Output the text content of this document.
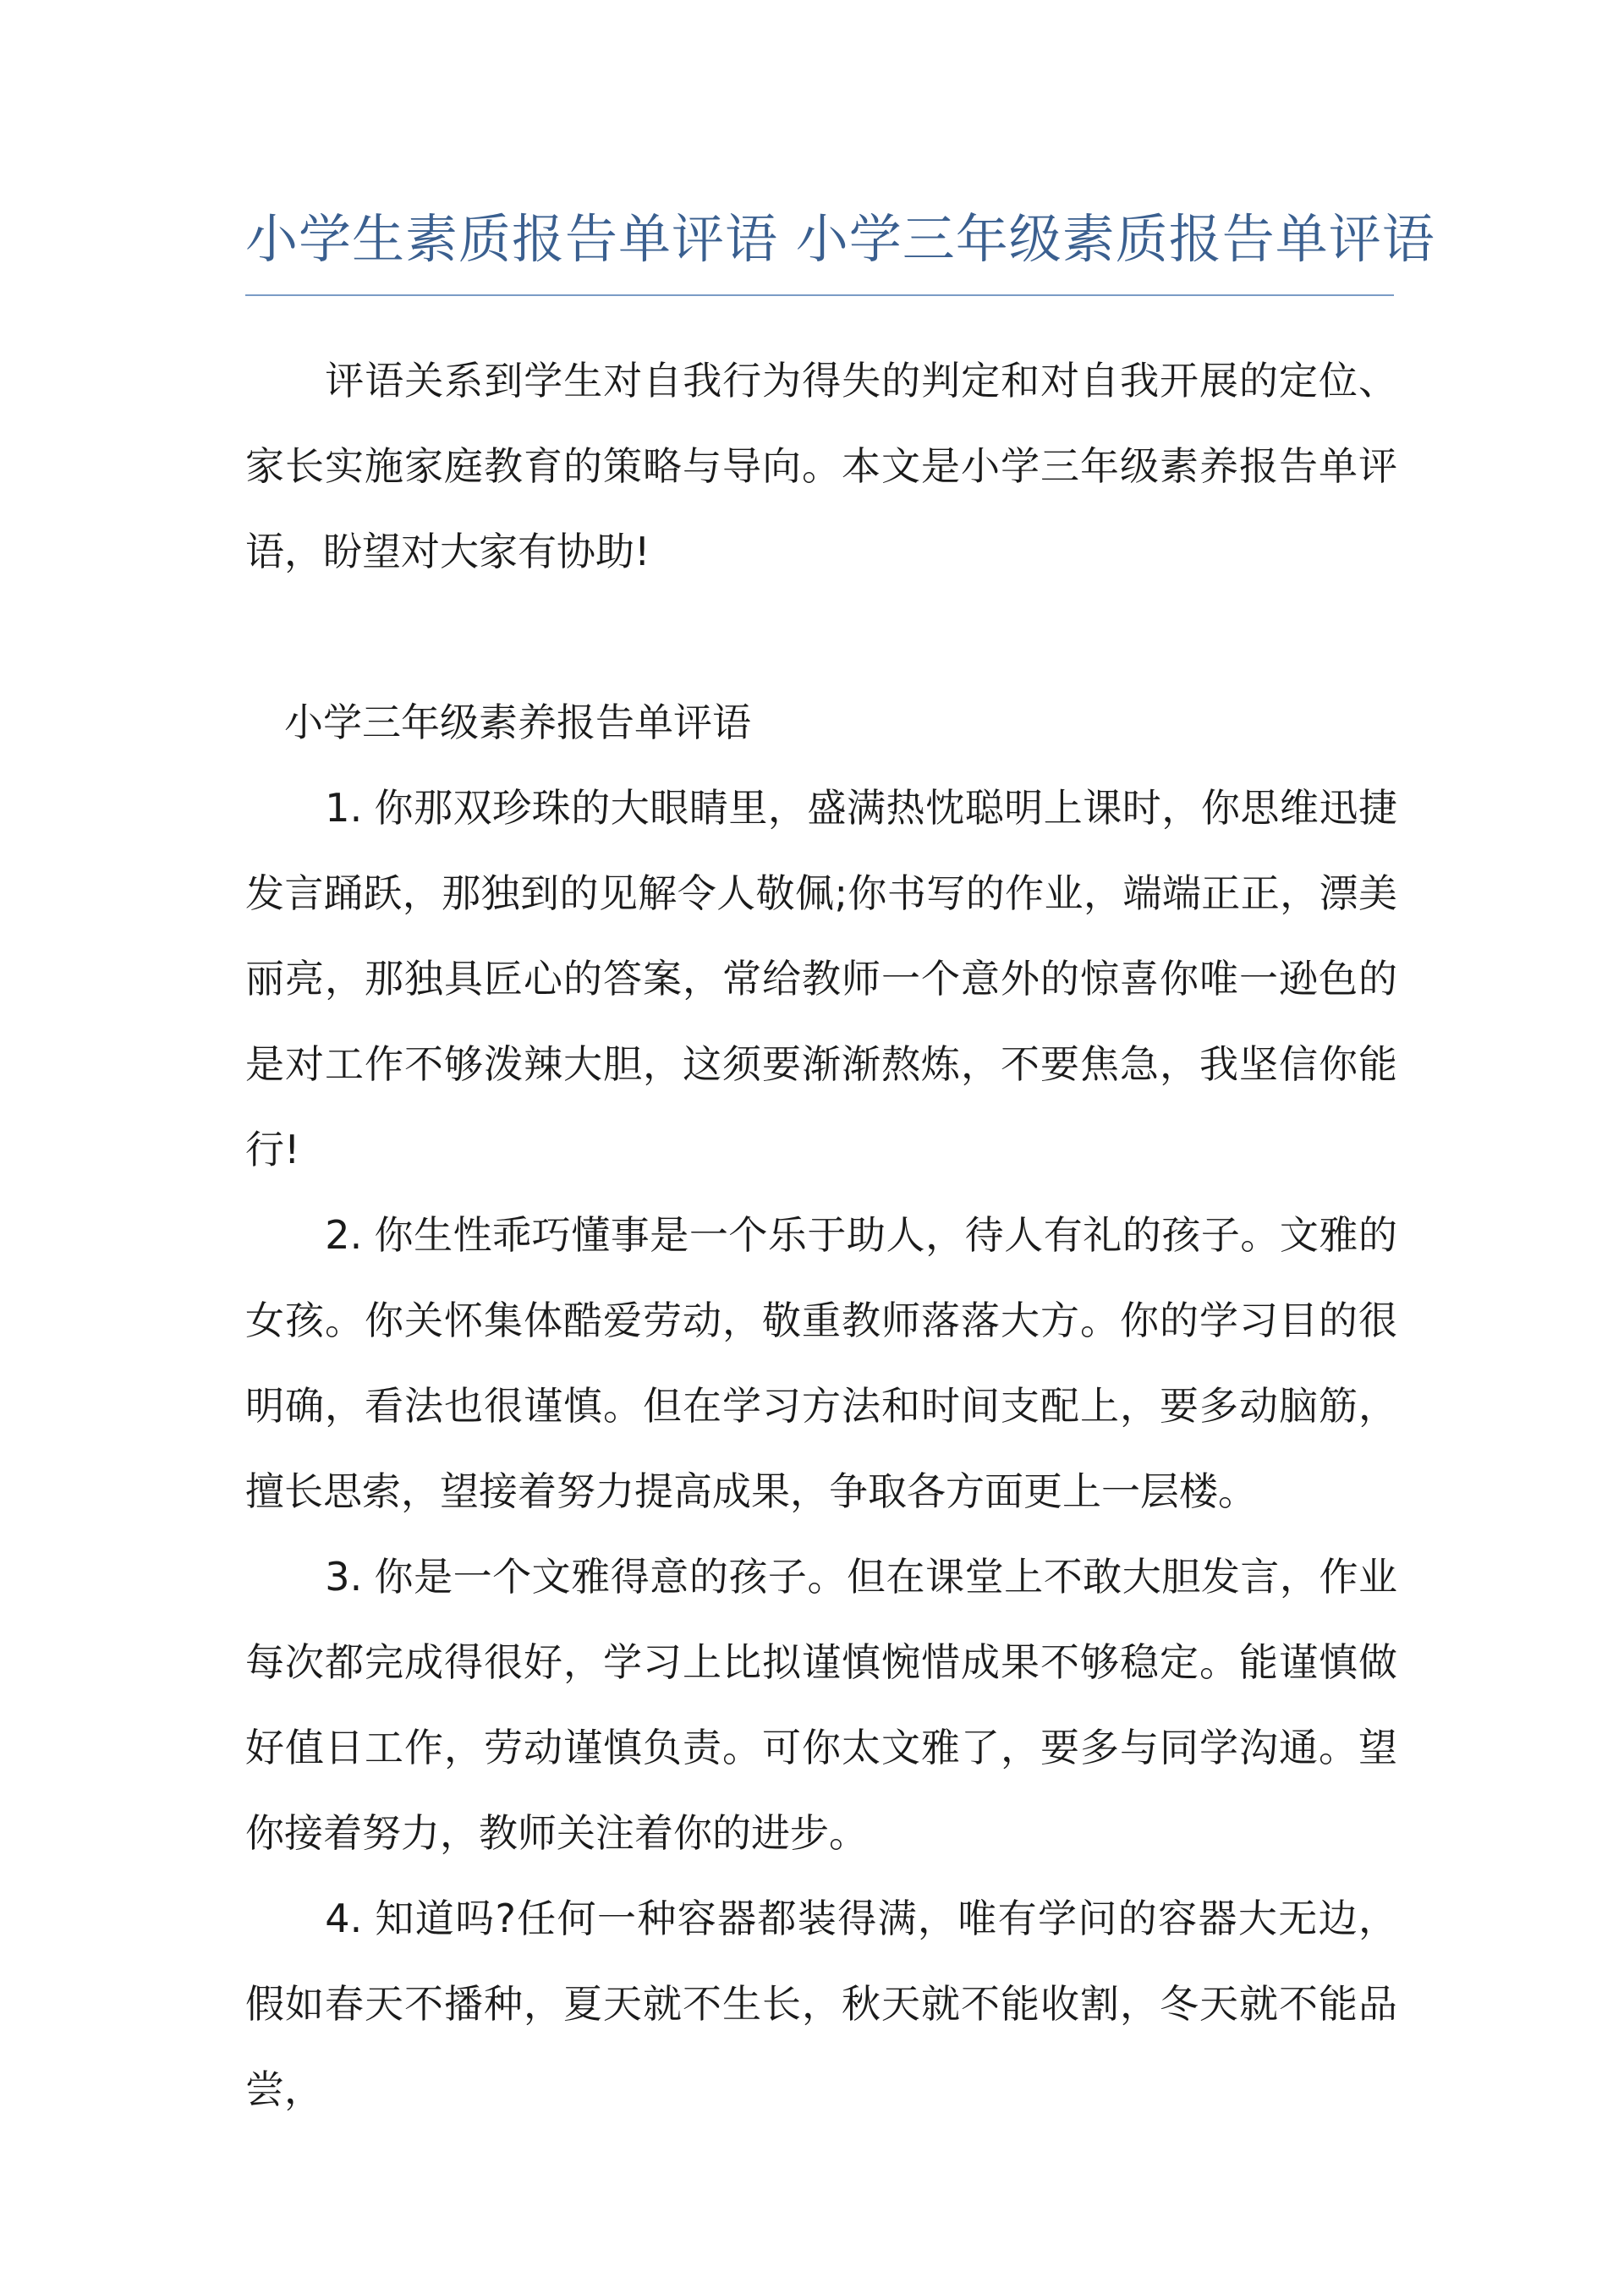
小学生素质报告单评语 小学三年级素质报告单评语

评语关系到学生对自我行为得失的判定和对自我开展的定位、家长实施家庭教育的策略与导向。本文是小学三年级素养报告单评语，盼望对大家有协助!

小学三年级素养报告单评语

1. 你那双珍珠的大眼睛里，盛满热忱聪明上课时，你思维迅捷发言踊跃，那独到的见解令人敬佩;你书写的作业，端端正正，漂美丽亮，那独具匠心的答案，常给教师一个意外的惊喜你唯一逊色的是对工作不够泼辣大胆，这须要渐渐熬炼，不要焦急，我坚信你能行!

2. 你生性乖巧懂事是一个乐于助人，待人有礼的孩子。文雅的女孩。你关怀集体酷爱劳动，敬重教师落落大方。你的学习目的很明确，看法也很谨慎。但在学习方法和时间支配上，要多动脑筋，擅长思索，望接着努力提高成果，争取各方面更上一层楼。

3. 你是一个文雅得意的孩子。但在课堂上不敢大胆发言，作业每次都完成得很好，学习上比拟谨慎惋惜成果不够稳定。能谨慎做好值日工作，劳动谨慎负责。可你太文雅了，要多与同学沟通。望你接着努力，教师关注着你的进步。

4. 知道吗?任何一种容器都装得满，唯有学问的容器大无边，假如春天不播种，夏天就不生长，秋天就不能收割，冬天就不能品尝，
